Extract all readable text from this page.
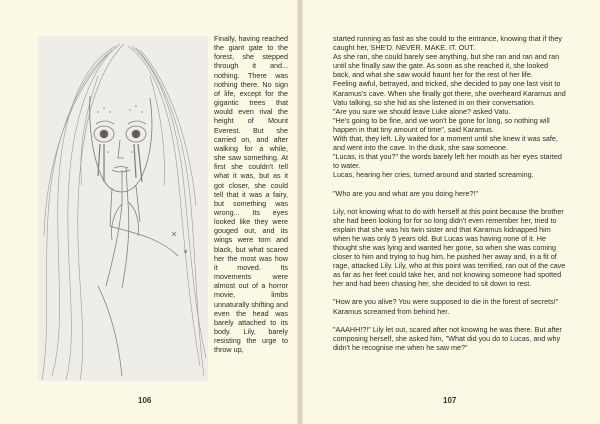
Finally, having reached the giant gate to the forest, she stepped through it and... nothing. There was nothing there. No sign of life, except for the gigantic trees that would even rival the height of Mount Everest. But she carried on, and after walking for a while, she saw something. At first she couldn't tell what it was, but as it got closer, she could tell that it was a fairy, but something was wrong... Its eyes looked like they were gouged out, and its wings were torn and black, but what scared her the most was how it moved. Its movements were almost out of a horror movie, limbs unnaturally shifting and even the head was barely attached to its body. Lily, barely resisting the urge to throw up,

started running as fast as she could to the entrance, knowing that if they caught her, SHE'D. NEVER. MAKE. IT. OUT.

As she ran, she could barely see anything, but she ran and ran and ran until she finally saw the gate. As soon as she reached it, she looked back, and what she saw would haunt her for the rest of her life.

Feeling awful, betrayed, and tricked, she decided to pay one last visit to Karamus's cave. When she finally got there, she overheard Karamus and Vatu talking, so she hid as she listened in on their conversation.

"Are you sure we should leave Luke alone? asked Vatu.

"He's going to be fine, and we won't be gone for long, so nothing will happen in that tiny amount of time", said Karamus.

With that, they left. Lily waited for a moment until she knew it was safe, and went into the cave. In the dusk, she saw someone.

"Lucas, is that you?" the words barely left her mouth as her eyes started to water.

Lucas, hearing her cries, turned around and started screaming.

"Who are you and what are you doing here?!"

Lily, not knowing what to do with herself at this point because the brother she had been looking for for so long didn't even remember her, tried to explain that she was his twin sister and that Karamus kidnapped him when he was only 5 years old. But Lucas was having none of it. He thought she was lying and wanted her gone, so when she was coming closer to him and trying to hug him, he pushed her away and, in a fit of rage, attacked Lily. Lily, who at this point was terrified, ran out of the cave as far as her feet could take her, and not knowing someone had spotted her and had been chasing her, she decided to sit down to rest.

"How are you alive? You were supposed to die in the forest of secrets!" Karamus screamed from behind her.

"AAAHH!?!" Lily let out, scared after not knowing he was there. But after composing herself, she asked him, "What did you do to Lucas, and why didn't he recognise me when he saw me?"

106	107
